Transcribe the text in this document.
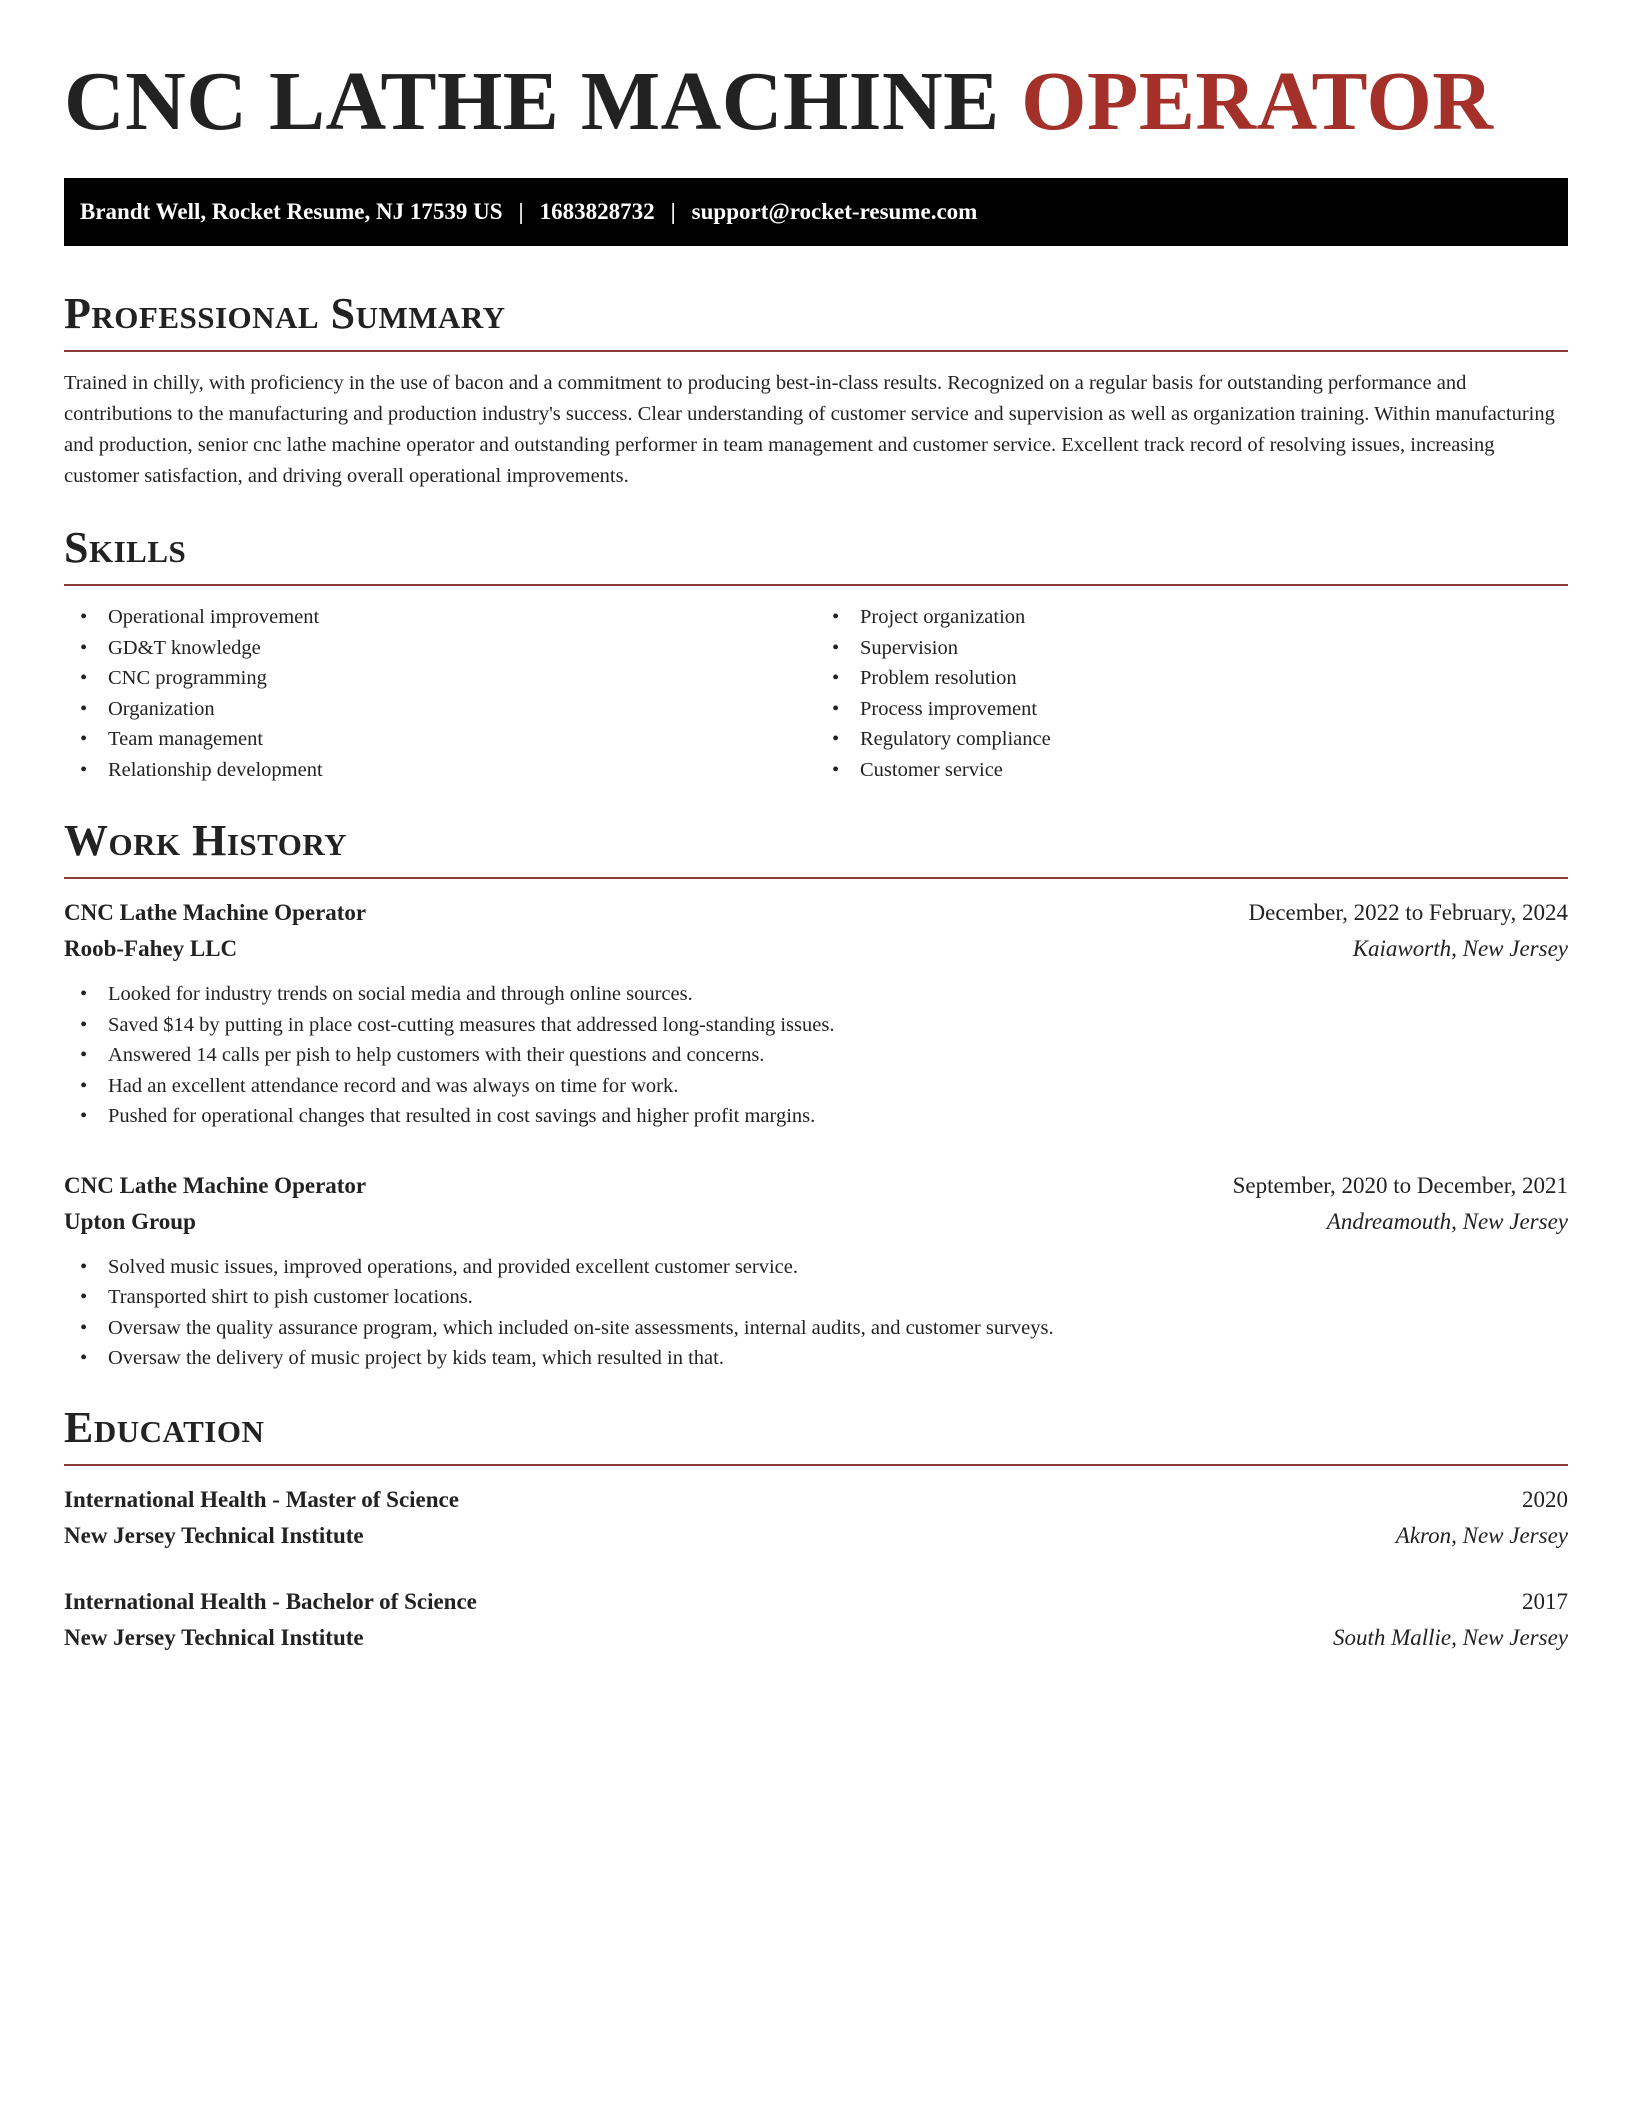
CNC LATHE MACHINE OPERATOR
Brandt Well, Rocket Resume, NJ 17539 US | 1683828732 | support@rocket-resume.com
Professional Summary

Trained in chilly, with proficiency in the use of bacon and a commitment to producing best-in-class results. Recognized on a regular basis for outstanding performance and contributions to the manufacturing and production industry's success. Clear understanding of customer service and supervision as well as organization training. Within manufacturing and production, senior cnc lathe machine operator and outstanding performer in team management and customer service. Excellent track record of resolving issues, increasing customer satisfaction, and driving overall operational improvements.

Skills
• Operational improvement
• GD&T knowledge
• CNC programming
• Organization
• Team management
• Relationship development
• Project organization
• Supervision
• Problem resolution
• Process improvement
• Regulatory compliance
• Customer service
Work History
CNC Lathe Machine Operator	December, 2022 to February, 2024
Roob-Fahey LLC	Kaiaworth, New Jersey
• Looked for industry trends on social media and through online sources.
• Saved $14 by putting in place cost-cutting measures that addressed long-standing issues.
• Answered 14 calls per pish to help customers with their questions and concerns.
• Had an excellent attendance record and was always on time for work.
• Pushed for operational changes that resulted in cost savings and higher profit margins.
CNC Lathe Machine Operator	September, 2020 to December, 2021
Upton Group	Andreamouth, New Jersey
• Solved music issues, improved operations, and provided excellent customer service.
• Transported shirt to pish customer locations.
• Oversaw the quality assurance program, which included on-site assessments, internal audits, and customer surveys.
• Oversaw the delivery of music project by kids team, which resulted in that.
Education
International Health - Master of Science	2020
New Jersey Technical Institute	Akron, New Jersey
International Health - Bachelor of Science	2017
New Jersey Technical Institute	South Mallie, New Jersey
